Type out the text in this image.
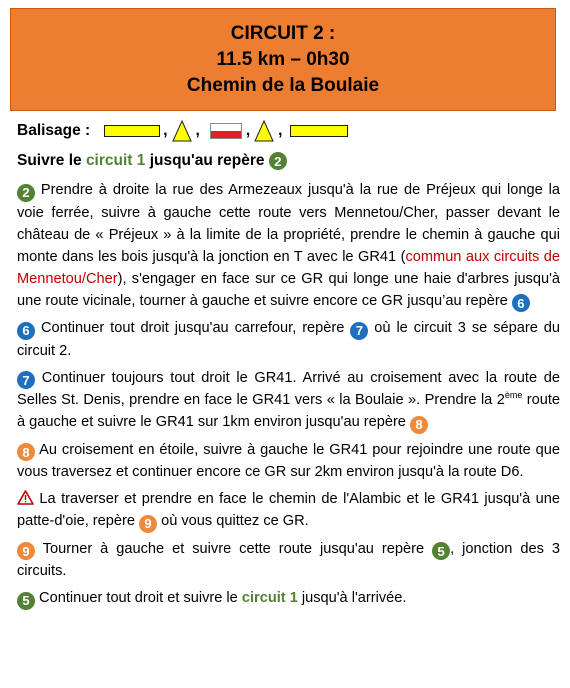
CIRCUIT 2 :
11.5 km – 0h30
Chemin de la Boulaie
Balisage :	, ,	, ,
Suivre le circuit 1 jusqu'au repère 2
2 Prendre à droite la rue des Armezeaux jusqu'à la rue de Préjeux qui longe la voie ferrée, suivre à gauche cette route vers Mennetou/Cher, passer devant le château de « Préjeux » à la limite de la propriété, prendre le chemin à gauche qui monte dans les bois jusqu'à la jonction en T avec le GR41 (commun aux circuits de Mennetou/Cher), s'engager en face sur ce GR qui longe une haie d'arbres jusqu'à une route vicinale, tourner à gauche et suivre encore ce GR jusqu’au repère 6
6 Continuer tout droit jusqu'au carrefour, repère 7 où le circuit 3 se sépare du circuit 2.
7 Continuer toujours tout droit le GR41. Arrivé au croisement avec la route de Selles St. Denis, prendre en face le GR41 vers « la Boulaie ». Prendre la 2ème route à gauche et suivre le GR41 sur 1km environ jusqu'au repère 8
8 Au croisement en étoile, suivre à gauche le GR41 pour rejoindre une route que vous traversez et continuer encore ce GR sur 2km environ jusqu'à la route D6.
La traverser et prendre en face le chemin de l'Alambic et le GR41 jusqu'à une patte-d'oie, repère 9 où vous quittez ce GR.
9 Tourner à gauche et suivre cette route jusqu'au repère 5 , jonction des 3 circuits.
5 Continuer tout droit et suivre le circuit 1 jusqu'à l'arrivée.
